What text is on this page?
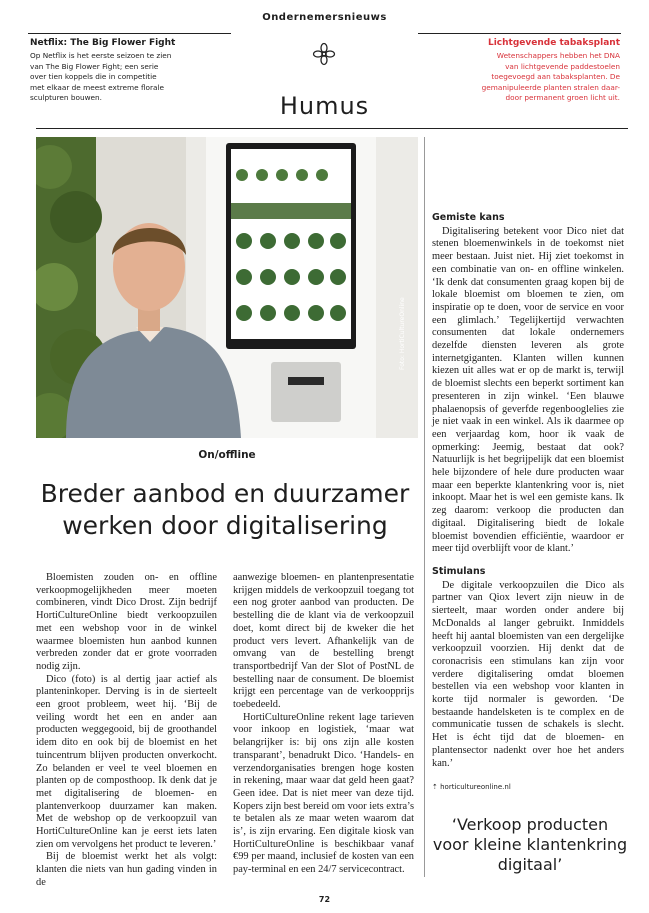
Ondernemersnieuws
Netflix: The Big Flower Fight

Op Netflix is het eerste seizoen te zien

van The Big Flower Fight; een serie

over tien koppels die in competitie

met elkaar de meest extreme florale

sculpturen bouwen.

Lichtgevende tabaksplant

Wetenschappers hebben het DNA

van lichtgevende paddestoelen

toegevoegd aan tabaksplanten. De

gemanipuleerde planten stralen daar-

door permanent groen licht uit.

Humus
Foto: HortiCultureOnline
On/offline
Breder aanbod en duurzamer
werken door digitalisering

Bloemisten zouden on- en offline verkoopmogelijkheden meer moeten combineren, vindt Dico Drost. Zijn bedrijf HortiCultureOnline biedt verkoopzuilen met een webshop voor in de winkel waarmee bloemisten hun aanbod kunnen verbreden zonder dat er grote voorraden nodig zijn.

Dico (foto) is al dertig jaar actief als planteninkoper. Derving is in de sierteelt een groot probleem, weet hij. ‘Bij de veiling wordt het een en ander aan producten weggegooid, bij de groothandel idem dito en ook bij de bloemist en het tuincentrum blijven producten onverkocht. Zo belanden er veel te veel bloemen en planten op de composthoop. Ik denk dat je met digitalisering de bloemen- en plantenverkoop duurzamer kan maken. Met de webshop op de verkoopzuil van HortiCultureOnline kan je eerst iets laten zien om vervolgens het product te leveren.’

Bij de bloemist werkt het als volgt: klanten die niets van hun gading vinden in de

aanwezige bloemen- en plantenpresentatie krijgen middels de verkoopzuil toegang tot een nog groter aanbod van producten. De bestelling die de klant via de verkoopzuil doet, komt direct bij de kweker die het product vers levert. Afhankelijk van de omvang van de bestelling brengt transportbedrijf Van der Slot of PostNL de bestelling naar de consument. De bloemist krijgt een percentage van de verkoopprijs toebedeeld.

HortiCultureOnline rekent lage tarieven voor inkoop en logistiek, ‘maar wat belangrijker is: bij ons zijn alle kosten transparant’, benadrukt Dico. ‘Handels- en verzendorganisaties brengen hoge kosten in rekening, maar waar dat geld heen gaat? Geen idee. Dat is niet meer van deze tijd. Kopers zijn best bereid om voor iets extra’s te betalen als ze maar weten waarom dat is’, is zijn ervaring. Een digitale kiosk van HortiCultureOnline is beschikbaar vanaf €99 per maand, inclusief de kosten van een pay-terminal en een 24/7 servicecontract.

Gemiste kans

Digitalisering betekent voor Dico niet dat stenen bloemenwinkels in de toekomst niet meer bestaan. Juist niet. Hij ziet toekomst in een combinatie van on- en offline winkelen. ‘Ik denk dat consumenten graag kopen bij de lokale bloemist om bloemen te zien, om inspiratie op te doen, voor de service en voor een glimlach.’ Tegelijkertijd verwachten consumenten dat lokale ondernemers dezelfde diensten leveren als grote internetgiganten. Klanten willen kunnen kiezen uit alles wat er op de markt is, terwijl de bloemist slechts een beperkt sortiment kan presenteren in zijn winkel. ‘Een blauwe phalaenopsis of geverfde regenbooglelies zie je niet vaak in een winkel. Als ik daarmee op een verjaardag kom, hoor ik vaak de opmerking: Jeemig, bestaat dat ook? Natuurlijk is het begrijpelijk dat een bloemist hele bijzondere of hele dure producten waar maar een beperkte klantenkring voor is, niet inkoopt. Maar het is wel een gemiste kans. Ik zeg daarom: verkoop die producten dan digitaal. Digitalisering biedt de lokale bloemist bovendien efficiëntie, waardoor er meer tijd overblijft voor de klant.’

Stimulans

De digitale verkoopzuilen die Dico als partner van Qiox levert zijn nieuw in de sierteelt, maar worden onder andere bij McDonalds al langer gebruikt. Inmiddels heeft hij aantal bloemisten van een dergelijke verkoopzuil voorzien. Hij denkt dat de coronacrisis een stimulans kan zijn voor verdere digitalisering omdat bloemen bestellen via een webshop voor klanten in korte tijd normaler is geworden. ‘De bestaande handelsketen is te complex en de communicatie tussen de schakels is slecht. Het is écht tijd dat de bloemen- en plantensector nadenkt over hoe het anders kan.’

⇡ horticultureonline.nl
‘Verkoop producten voor kleine klantenkring digitaal’
72
